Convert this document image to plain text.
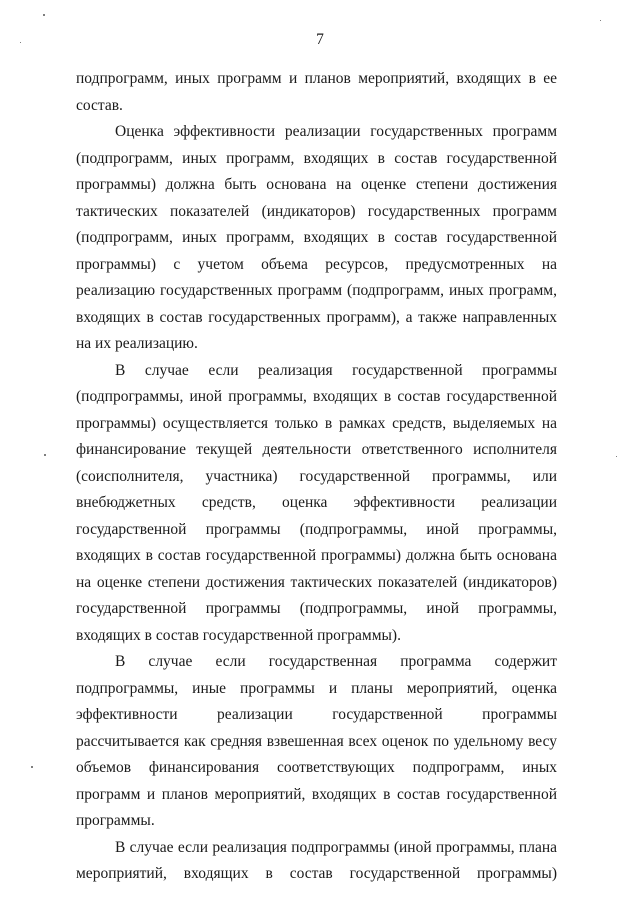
7

подпрограмм, иных программ и планов мероприятий, входящих в ее состав.

Оценка эффективности реализации государственных программ (подпрограмм, иных программ, входящих в состав государственной программы) должна быть основана на оценке степени достижения тактических показателей (индикаторов) государственных программ (подпрограмм, иных программ, входящих в состав государственной программы) с учетом объема ресурсов, предусмотренных на реализацию государственных программ (подпрограмм, иных программ, входящих в состав государственных программ), а также направленных на их реализацию.

В случае если реализация государственной программы (подпрограммы, иной программы, входящих в состав государственной программы) осуществляется только в рамках средств, выделяемых на финансирование текущей деятельности ответственного исполнителя (соисполнителя, участника) государственной программы, или внебюджетных средств, оценка эффективности реализации государственной программы (подпрограммы, иной программы, входящих в состав государственной программы) должна быть основана на оценке степени достижения тактических показателей (индикаторов) государственной программы (подпрограммы, иной программы, входящих в состав государственной программы).

В случае если государственная программа содержит подпрограммы, иные программы и планы мероприятий, оценка эффективности реализации государственной программы рассчитывается как средняя взвешенная всех оценок по удельному весу объемов финансирования соответствующих подпрограмм, иных программ и планов мероприятий, входящих в состав государственной программы.

В случае если реализация подпрограммы (иной программы, плана мероприятий, входящих в состав государственной программы)
